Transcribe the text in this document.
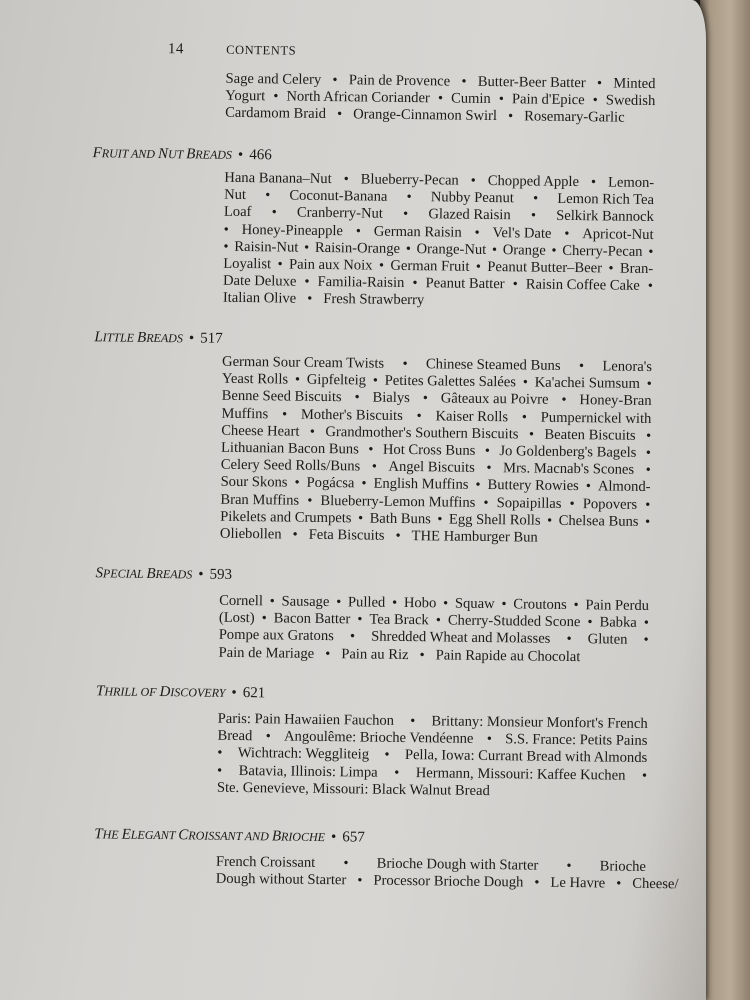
14	CONTENTS
Sage and Celery • Pain de Provence • Butter-Beer Batter • Minted
Yogurt • North African Coriander • Cumin • Pain d'Epice • Swedish
Cardamom Braid • Orange-Cinnamon Swirl • Rosemary-Garlic
FRUIT AND NUT BREADS • 466
Hana Banana–Nut • Blueberry-Pecan • Chopped Apple • Lemon-
Nut • Coconut-Banana • Nubby Peanut • Lemon Rich Tea
Loaf • Cranberry-Nut • Glazed Raisin • Selkirk Bannock
• Honey-Pineapple • German Raisin • Vel's Date • Apricot-Nut
• Raisin-Nut • Raisin-Orange • Orange-Nut • Orange • Cherry-Pecan •
Loyalist • Pain aux Noix • German Fruit • Peanut Butter–Beer • Bran-
Date Deluxe • Familia-Raisin • Peanut Batter • Raisin Coffee Cake •
Italian Olive • Fresh Strawberry
LITTLE BREADS • 517
German Sour Cream Twists • Chinese Steamed Buns • Lenora's
Yeast Rolls • Gipfelteig • Petites Galettes Salées • Ka'achei Sumsum •
Benne Seed Biscuits • Bialys • Gâteaux au Poivre • Honey-Bran
Muffins • Mother's Biscuits • Kaiser Rolls • Pumpernickel with
Cheese Heart • Grandmother's Southern Biscuits • Beaten Biscuits •
Lithuanian Bacon Buns • Hot Cross Buns • Jo Goldenberg's Bagels •
Celery Seed Rolls/Buns • Angel Biscuits • Mrs. Macnab's Scones •
Sour Skons • Pogácsa • English Muffins • Buttery Rowies • Almond-
Bran Muffins • Blueberry-Lemon Muffins • Sopaipillas • Popovers •
Pikelets and Crumpets • Bath Buns • Egg Shell Rolls • Chelsea Buns •
Oliebollen • Feta Biscuits • THE Hamburger Bun
SPECIAL BREADS • 593
Cornell • Sausage • Pulled • Hobo • Squaw • Croutons • Pain Perdu
(Lost) • Bacon Batter • Tea Brack • Cherry-Studded Scone • Babka •
Pompe aux Gratons • Shredded Wheat and Molasses • Gluten •
Pain de Mariage • Pain au Riz • Pain Rapide au Chocolat
THRILL OF DISCOVERY • 621
Paris: Pain Hawaiien Fauchon • Brittany: Monsieur Monfort's French
Bread • Angoulême: Brioche Vendéenne • S.S. France: Petits Pains
• Wichtrach: Weggliteig • Pella, Iowa: Currant Bread with Almonds
• Batavia, Illinois: Limpa • Hermann, Missouri: Kaffee Kuchen •
Ste. Genevieve, Missouri: Black Walnut Bread
THE ELEGANT CROISSANT AND BRIOCHE • 657
French Croissant • Brioche Dough with Starter • Brioche
Dough without Starter • Processor Brioche Dough • Le Havre • Cheese/
